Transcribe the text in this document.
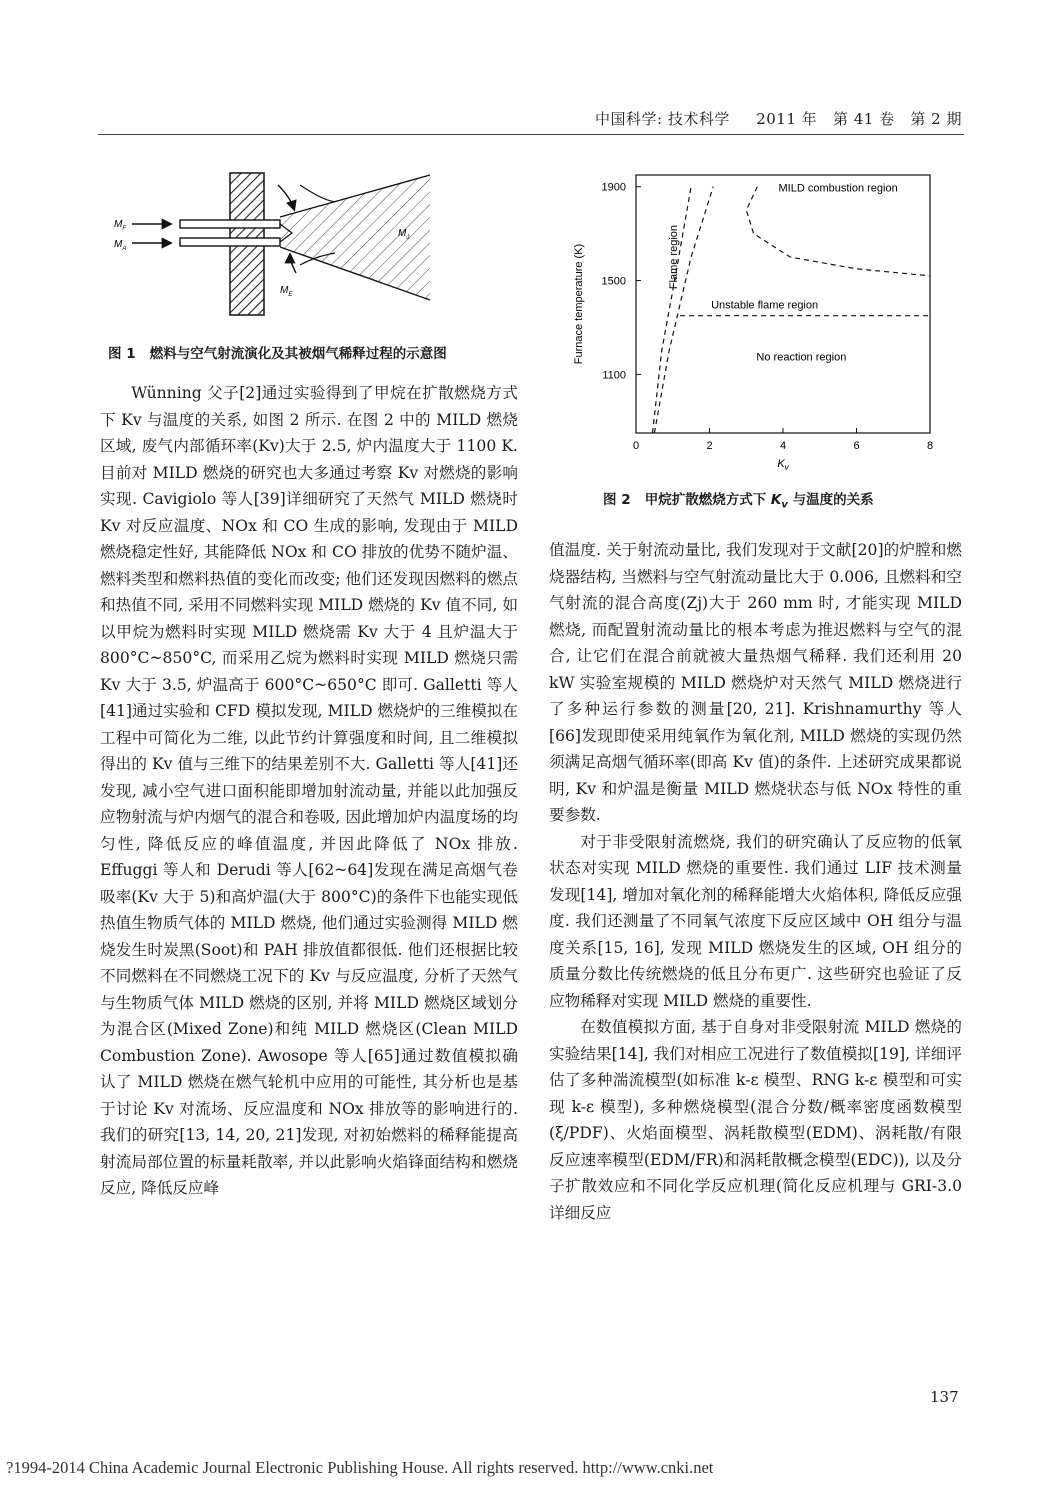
中国科学: 技术科学 2011 年 第 41 卷 第 2 期
$M_F$
$M_A$
$M_J$
$M_E$
图 1 燃料与空气射流演化及其被烟气稀释过程的示意图
0	2	4	6	8
1100
1500
1900
Furnace temperature (K)
$K_v$
MILD combustion region
Flame region
Unstable flame region
No reaction region
图 2 甲烷扩散燃烧方式下 $K_v$ 与温度的关系

Wünning 父子[2]通过实验得到了甲烷在扩散燃烧方式下 Kv 与温度的关系, 如图 2 所示. 在图 2 中的 MILD 燃烧区域, 废气内部循环率(Kv)大于 2.5, 炉内温度大于 1100 K. 目前对 MILD 燃烧的研究也大多通过考察 Kv 对燃烧的影响实现. Cavigiolo 等人[39]详细研究了天然气 MILD 燃烧时 Kv 对反应温度、NOx 和 CO 生成的影响, 发现由于 MILD 燃烧稳定性好, 其能降低 NOx 和 CO 排放的优势不随炉温、燃料类型和燃料热值的变化而改变; 他们还发现因燃料的燃点和热值不同, 采用不同燃料实现 MILD 燃烧的 Kv 值不同, 如以甲烷为燃料时实现 MILD 燃烧需 Kv 大于 4 且炉温大于 800°C~850°C, 而采用乙烷为燃料时实现 MILD 燃烧只需 Kv 大于 3.5, 炉温高于 600°C~650°C 即可. Galletti 等人[41]通过实验和 CFD 模拟发现, MILD 燃烧炉的三维模拟在工程中可简化为二维, 以此节约计算强度和时间, 且二维模拟得出的 Kv 值与三维下的结果差别不大. Galletti 等人[41]还发现, 减小空气进口面积能即增加射流动量, 并能以此加强反应物射流与炉内烟气的混合和卷吸, 因此增加炉内温度场的均匀性, 降低反应的峰值温度, 并因此降低了 NOx 排放. Effuggi 等人和 Derudi 等人[62~64]发现在满足高烟气卷吸率(Kv 大于 5)和高炉温(大于 800°C)的条件下也能实现低热值生物质气体的 MILD 燃烧, 他们通过实验测得 MILD 燃烧发生时炭黑(Soot)和 PAH 排放值都很低. 他们还根据比较不同燃料在不同燃烧工况下的 Kv 与反应温度, 分析了天然气与生物质气体 MILD 燃烧的区别, 并将 MILD 燃烧区域划分为混合区(Mixed Zone)和纯 MILD 燃烧区(Clean MILD Combustion Zone). Awosope 等人[65]通过数值模拟确认了 MILD 燃烧在燃气轮机中应用的可能性, 其分析也是基于讨论 Kv 对流场、反应温度和 NOx 排放等的影响进行的. 我们的研究[13, 14, 20, 21]发现, 对初始燃料的稀释能提高射流局部位置的标量耗散率, 并以此影响火焰锋面结构和燃烧反应, 降低反应峰

值温度. 关于射流动量比, 我们发现对于文献[20]的炉膛和燃烧器结构, 当燃料与空气射流动量比大于 0.006, 且燃料和空气射流的混合高度(Zj)大于 260 mm 时, 才能实现 MILD 燃烧, 而配置射流动量比的根本考虑为推迟燃料与空气的混合, 让它们在混合前就被大量热烟气稀释. 我们还利用 20 kW 实验室规模的 MILD 燃烧炉对天然气 MILD 燃烧进行了多种运行参数的测量[20, 21]. Krishnamurthy 等人[66]发现即使采用纯氧作为氧化剂, MILD 燃烧的实现仍然须满足高烟气循环率(即高 Kv 值)的条件. 上述研究成果都说明, Kv 和炉温是衡量 MILD 燃烧状态与低 NOx 特性的重要参数.

对于非受限射流燃烧, 我们的研究确认了反应物的低氧状态对实现 MILD 燃烧的重要性. 我们通过 LIF 技术测量发现[14], 增加对氧化剂的稀释能增大火焰体积, 降低反应强度. 我们还测量了不同氧气浓度下反应区域中 OH 组分与温度关系[15, 16], 发现 MILD 燃烧发生的区域, OH 组分的质量分数比传统燃烧的低且分布更广. 这些研究也验证了反应物稀释对实现 MILD 燃烧的重要性.

在数值模拟方面, 基于自身对非受限射流 MILD 燃烧的实验结果[14], 我们对相应工况进行了数值模拟[19], 详细评估了多种湍流模型(如标准 k-ε 模型、RNG k-ε 模型和可实现 k-ε 模型), 多种燃烧模型(混合分数/概率密度函数模型(ξ/PDF)、火焰面模型、涡耗散模型(EDM)、涡耗散/有限反应速率模型(EDM/FR)和涡耗散概念模型(EDC)), 以及分子扩散效应和不同化学反应机理(简化反应机理与 GRI-3.0 详细反应

137
?1994-2014 China Academic Journal Electronic Publishing House. All rights reserved. http://www.cnki.net
